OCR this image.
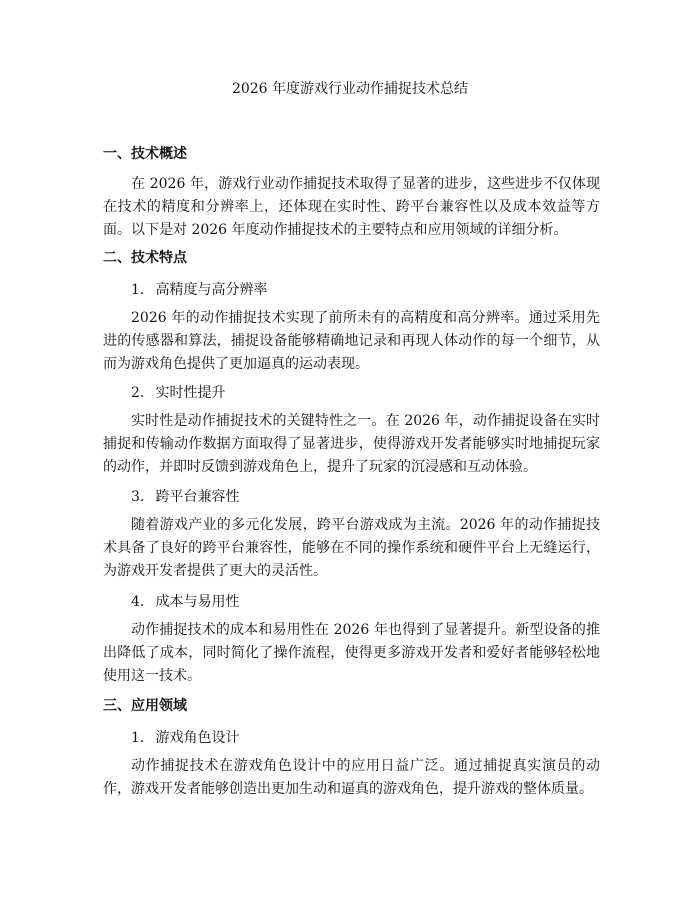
2026 年度游戏行业动作捕捉技术总结
一、技术概述
在 2026 年，游戏行业动作捕捉技术取得了显著的进步，这些进步不仅体现在技术的精度和分辨率上，还体现在实时性、跨平台兼容性以及成本效益等方面。以下是对 2026 年度动作捕捉技术的主要特点和应用领域的详细分析。
二、技术特点
1. 高精度与高分辨率
2026 年的动作捕捉技术实现了前所未有的高精度和高分辨率。通过采用先进的传感器和算法，捕捉设备能够精确地记录和再现人体动作的每一个细节，从而为游戏角色提供了更加逼真的运动表现。
2. 实时性提升
实时性是动作捕捉技术的关键特性之一。在 2026 年，动作捕捉设备在实时捕捉和传输动作数据方面取得了显著进步，使得游戏开发者能够实时地捕捉玩家的动作，并即时反馈到游戏角色上，提升了玩家的沉浸感和互动体验。
3. 跨平台兼容性
随着游戏产业的多元化发展，跨平台游戏成为主流。2026 年的动作捕捉技术具备了良好的跨平台兼容性，能够在不同的操作系统和硬件平台上无缝运行，为游戏开发者提供了更大的灵活性。
4. 成本与易用性
动作捕捉技术的成本和易用性在 2026 年也得到了显著提升。新型设备的推出降低了成本，同时简化了操作流程，使得更多游戏开发者和爱好者能够轻松地使用这一技术。
三、应用领域
1. 游戏角色设计
动作捕捉技术在游戏角色设计中的应用日益广泛。通过捕捉真实演员的动作，游戏开发者能够创造出更加生动和逼真的游戏角色，提升游戏的整体质量。
